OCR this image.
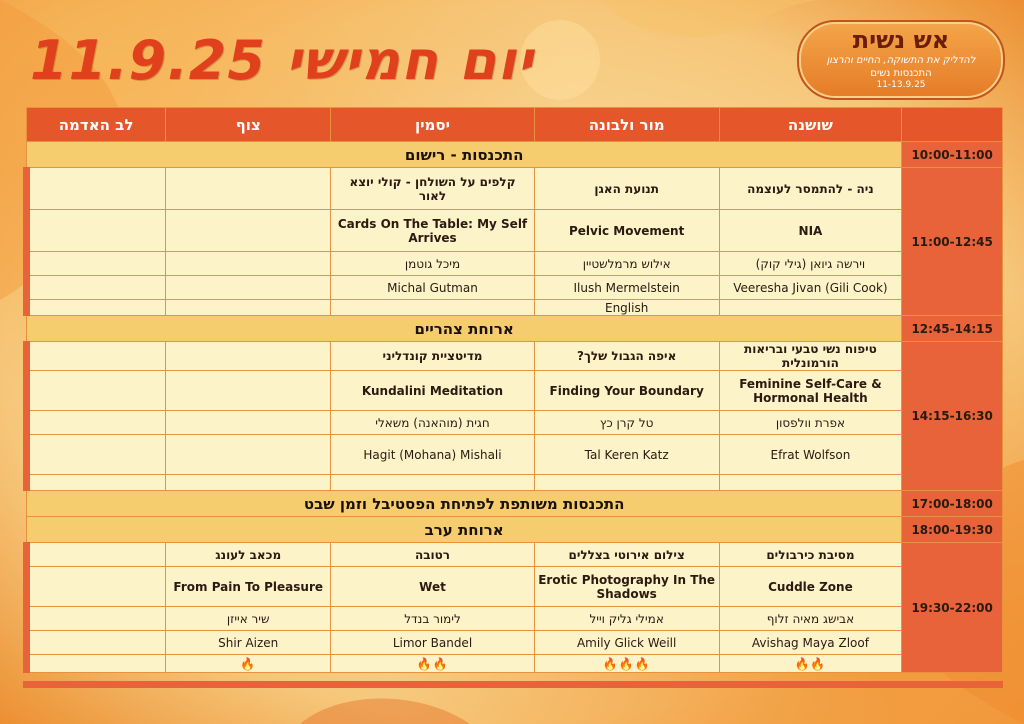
יום חמישי 11.9.25	אש נשית
להדליק את התשוקה, החיים והרצון
התכנסות נשים
11-13.9.25
	שושנה	מור ולבונה	יסמין	צוף	לב האדמה
10:00-11:00	התכנסות - רישום				
11:00-12:45	ניה - להתמסר לעוצמה	תנועת האגן	קלפים על השולחן - קולי יוצא לאור		
	NIA	Pelvic Movement	Cards On The Table: My Self Arrives		
	וירשה גיואן (גילי קוק)	אילוש מרמלשטיין	מיכל גוטמן		
	Veeresha Jivan (Gili Cook)	Ilush Mermelstein	Michal Gutman		
		English			
12:45-14:15	ארוחת צהריים				
14:15-16:30	טיפוח נשי טבעי ובריאות הורמונלית	איפה הגבול שלך?	מדיטציית קונדליני		
	Feminine Self-Care & Hormonal Health	Finding Your Boundary	Kundalini Meditation		
	אפרת וולפסון	טל קרן כץ	חגית (מוהאנה) משאלי		
	Efrat Wolfson	Tal Keren Katz	Hagit (Mohana) Mishali		

17:00-18:00	התכנסות משותפת לפתיחת הפסטיבל וזמן שבט				
18:00-19:30	ארוחת ערב				
19:30-22:00	מסיבת כירבולים	צילום אירוטי בצללים	רטובה	מכאב לעונג	
	Cuddle Zone	Erotic Photography In The Shadows	Wet	From Pain To Pleasure	
	אבישג מאיה זלוף	אמילי גליק וייל	לימור בנדל	שיר אייזן	
	Avishag Maya Zloof	Amily Glick Weill	Limor Bandel	Shir Aizen	
	🔥🔥	🔥🔥🔥	🔥🔥	🔥	
